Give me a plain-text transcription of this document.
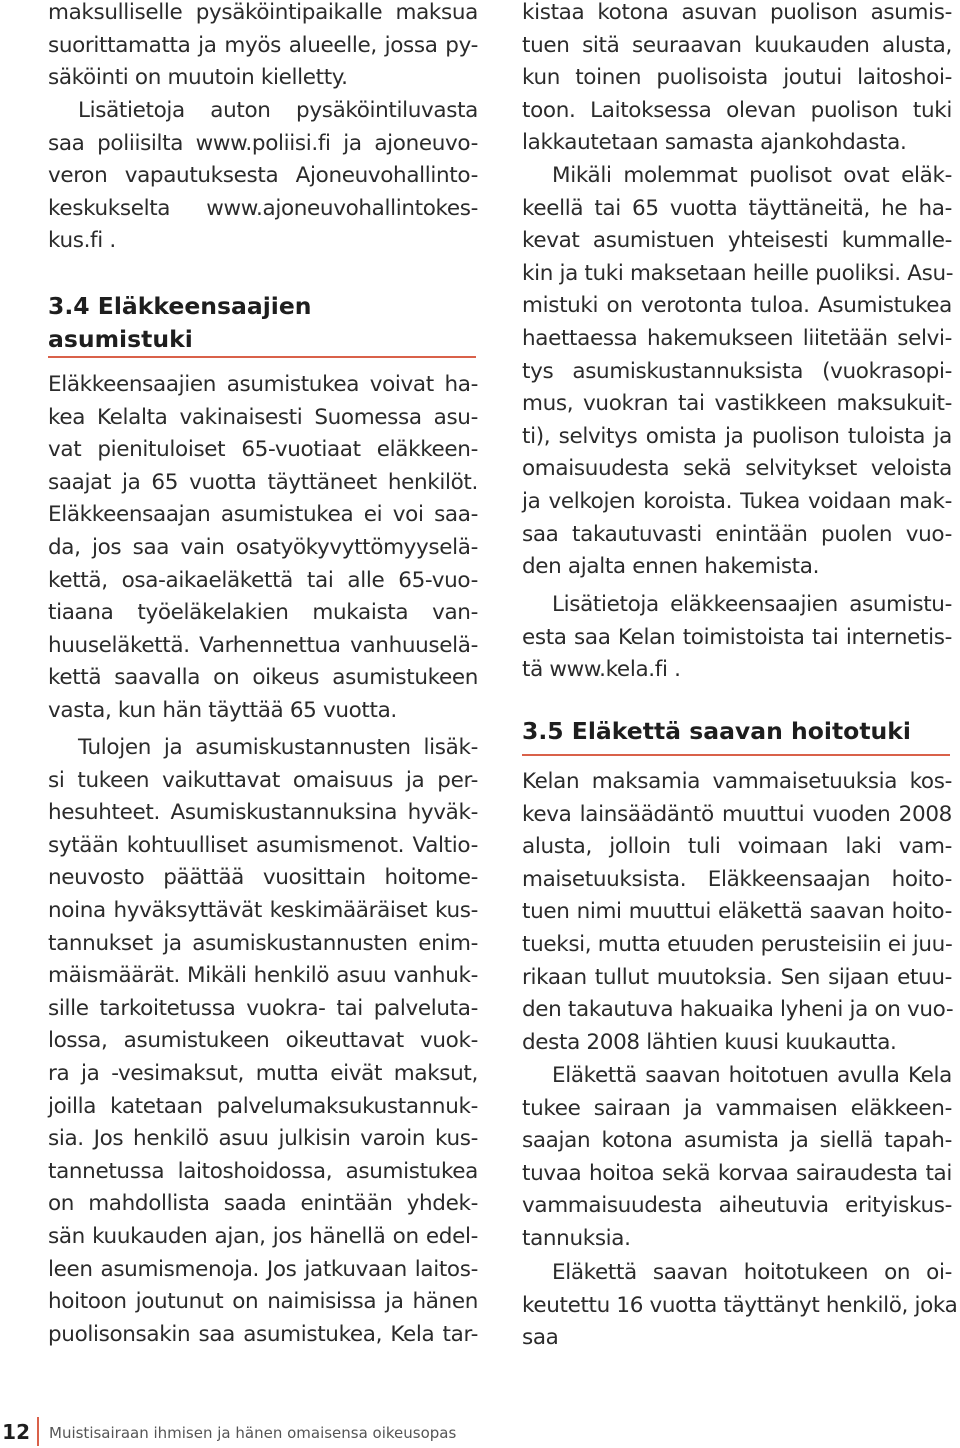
maksulliselle pysäköintipaikalle maksua
suorittamatta ja myös alueelle, jossa py-
säköinti on muutoin kielletty.
Lisätietoja auton pysäköintiluvasta
saa poliisilta www.poliisi.fi ja ajoneuvo-
veron vapautuksesta Ajoneuvohallinto-
keskukselta www.ajoneuvohallintokes-
kus.fi .
3.4 Eläkkeensaajien
asumistuki
Eläkkeensaajien asumistukea voivat ha-
kea Kelalta vakinaisesti Suomessa asu-
vat pienituloiset 65-vuotiaat eläkkeen-
saajat ja 65 vuotta täyttäneet henkilöt.
Eläkkeensaajan asumistukea ei voi saa-
da, jos saa vain osatyökyvyttömyyselä-
kettä, osa-aikaeläkettä tai alle 65-vuo-
tiaana työeläkelakien mukaista van-
huuseläkettä. Varhennettua vanhuuselä-
kettä saavalla on oikeus asumistukeen
vasta, kun hän täyttää 65 vuotta.
Tulojen ja asumiskustannusten lisäk-
si tukeen vaikuttavat omaisuus ja per-
hesuhteet. Asumiskustannuksina hyväk-
sytään kohtuulliset asumismenot. Valtio-
neuvosto päättää vuosittain hoitome-
noina hyväksyttävät keskimääräiset kus-
tannukset ja asumiskustannusten enim-
mäismäärät. Mikäli henkilö asuu vanhuk-
sille tarkoitetussa vuokra- tai palveluta-
lossa, asumistukeen oikeuttavat vuok-
ra ja -vesimaksut, mutta eivät maksut,
joilla katetaan palvelumaksukustannuk-
sia. Jos henkilö asuu julkisin varoin kus-
tannetussa laitoshoidossa, asumistukea
on mahdollista saada enintään yhdek-
sän kuukauden ajan, jos hänellä on edel-
leen asumismenoja. Jos jatkuvaan laitos-
hoitoon joutunut on naimisissa ja hänen
puolisonsakin saa asumistukea, Kela tar-
kistaa kotona asuvan puolison asumis-
tuen sitä seuraavan kuukauden alusta,
kun toinen puolisoista joutui laitoshoi-
toon. Laitoksessa olevan puolison tuki
lakkautetaan samasta ajankohdasta.
Mikäli molemmat puolisot ovat eläk-
keellä tai 65 vuotta täyttäneitä, he ha-
kevat asumistuen yhteisesti kummalle-
kin ja tuki maksetaan heille puoliksi. Asu-
mistuki on verotonta tuloa. Asumistukea
haettaessa hakemukseen liitetään selvi-
tys asumiskustannuksista (vuokrasopi-
mus, vuokran tai vastikkeen maksukuit-
ti), selvitys omista ja puolison tuloista ja
omaisuudesta sekä selvitykset veloista
ja velkojen koroista. Tukea voidaan mak-
saa takautuvasti enintään puolen vuo-
den ajalta ennen hakemista.
Lisätietoja eläkkeensaajien asumistu-
esta saa Kelan toimistoista tai internetis-
tä www.kela.fi .
3.5 Eläkettä saavan hoitotuki
Kelan maksamia vammaisetuuksia kos-
keva lainsäädäntö muuttui vuoden 2008
alusta, jolloin tuli voimaan laki vam-
maisetuuksista. Eläkkeensaajan hoito-
tuen nimi muuttui eläkettä saavan hoito-
tueksi, mutta etuuden perusteisiin ei juu-
rikaan tullut muutoksia. Sen sijaan etuu-
den takautuva hakuaika lyheni ja on vuo-
desta 2008 lähtien kuusi kuukautta.
Eläkettä saavan hoitotuen avulla Kela
tukee sairaan ja vammaisen eläkkeen-
saajan kotona asumista ja siellä tapah-
tuvaa hoitoa sekä korvaa sairaudesta tai
vammaisuudesta aiheutuvia erityiskus-
tannuksia.
Eläkettä saavan hoitotukeen on oi-
keutettu 16 vuotta täyttänyt henkilö, joka
saa
12 Muistisairaan ihmisen ja hänen omaisensa oikeusopas
